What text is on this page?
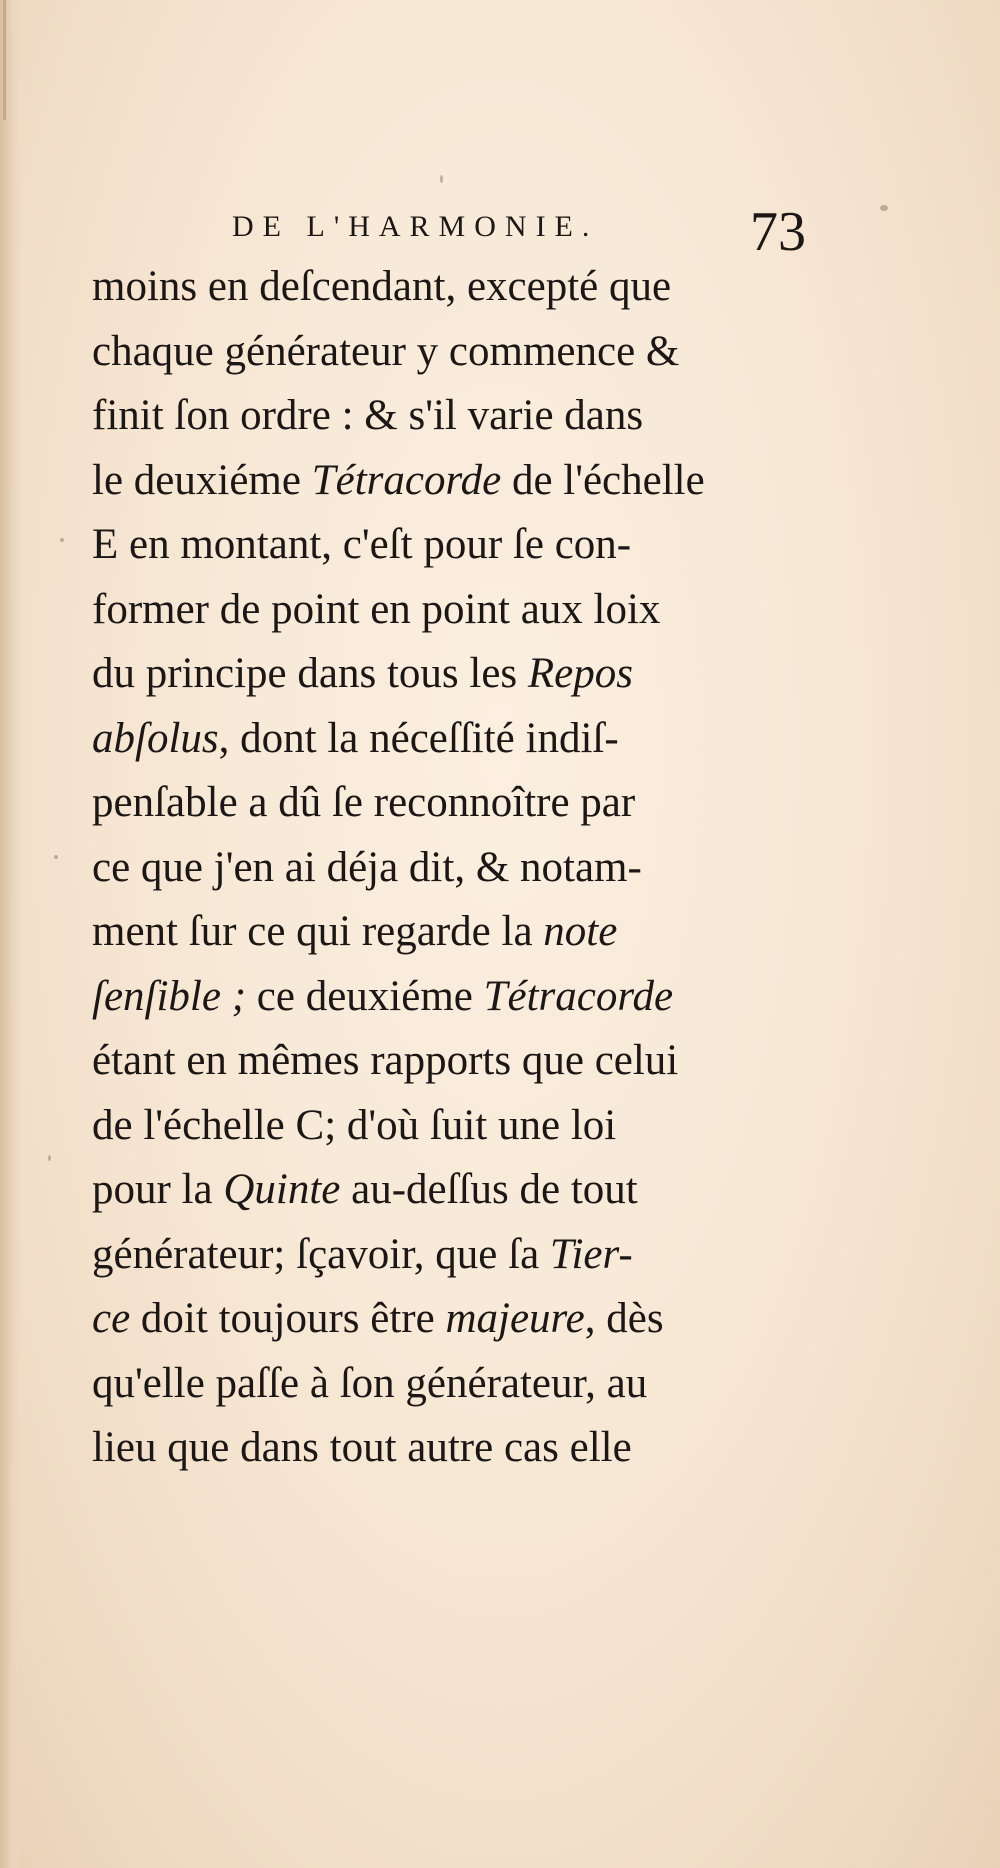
DE L'HARMONIE.	73
moins en deſcendant, excepté que
chaque générateur y commence &
finit ſon ordre : & s'il varie dans
le deuxiéme Tétracorde de l'échelle
E en montant, c'eſt pour ſe con-
former de point en point aux loix
du principe dans tous les Repos
abſolus, dont la néceſſité indiſ-
penſable a dû ſe reconnoître par
ce que j'en ai déja dit, & notam-
ment ſur ce qui regarde la note
ſenſible ; ce deuxiéme Tétracorde
étant en mêmes rapports que celui
de l'échelle C; d'où ſuit une loi
pour la Quinte au-deſſus de tout
générateur; ſçavoir, que ſa Tier-
ce doit toujours être majeure, dès
qu'elle paſſe à ſon générateur, au
lieu que dans tout autre cas elle
